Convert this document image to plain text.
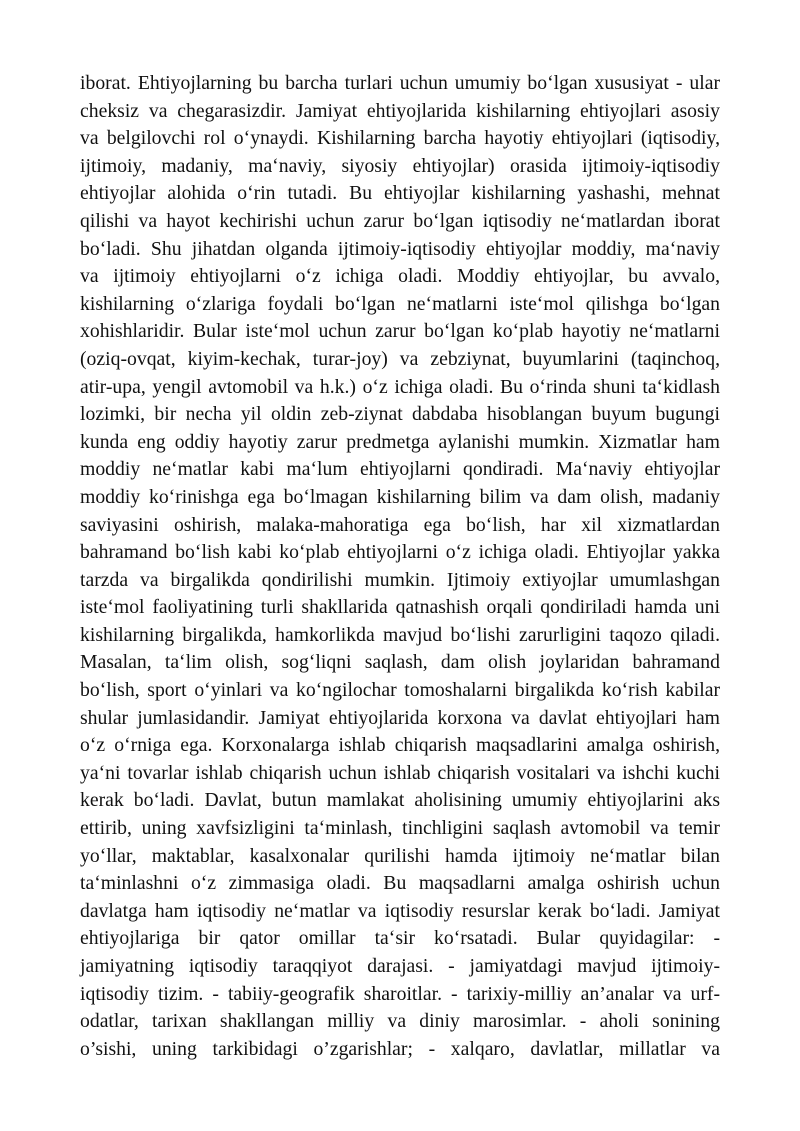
iborat. Ehtiyojlarning bu barcha turlari uchun umumiy bo‘lgan xususiyat - ular
cheksiz va chegarasizdir. Jamiyat ehtiyojlarida kishilarning ehtiyojlari asosiy
va belgilovchi rol o‘ynaydi. Kishilarning barcha hayotiy ehtiyojlari (iqtisodiy,
ijtimoiy, madaniy, ma‘naviy, siyosiy ehtiyojlar) orasida ijtimoiy-iqtisodiy
ehtiyojlar alohida o‘rin tutadi. Bu ehtiyojlar kishilarning yashashi, mehnat
qilishi va hayot kechirishi uchun zarur bo‘lgan iqtisodiy ne‘matlardan iborat
bo‘ladi. Shu jihatdan olganda ijtimoiy-iqtisodiy ehtiyojlar moddiy, ma‘naviy
va ijtimoiy ehtiyojlarni o‘z ichiga oladi. Moddiy ehtiyojlar, bu avvalo,
kishilarning o‘zlariga foydali bo‘lgan ne‘matlarni iste‘mol qilishga bo‘lgan
xohishlaridir. Bular iste‘mol uchun zarur bo‘lgan ko‘plab hayotiy ne‘matlarni
(oziq-ovqat, kiyim-kechak, turar-joy) va zebziynat, buyumlarini (taqinchoq,
atir-upa, yengil avtomobil va h.k.) o‘z ichiga oladi. Bu o‘rinda shuni ta‘kidlash
lozimki, bir necha yil oldin zeb-ziynat dabdaba hisoblangan buyum bugungi
kunda eng oddiy hayotiy zarur predmetga aylanishi mumkin. Xizmatlar ham
moddiy ne‘matlar kabi ma‘lum ehtiyojlarni qondiradi. Ma‘naviy ehtiyojlar
moddiy ko‘rinishga ega bo‘lmagan kishilarning bilim va dam olish, madaniy
saviyasini oshirish, malaka-mahoratiga ega bo‘lish, har xil xizmatlardan
bahramand bo‘lish kabi ko‘plab ehtiyojlarni o‘z ichiga oladi. Ehtiyojlar yakka
tarzda va birgalikda qondirilishi mumkin. Ijtimoiy extiyojlar umumlashgan
iste‘mol faoliyatining turli shakllarida qatnashish orqali qondiriladi hamda uni
kishilarning birgalikda, hamkorlikda mavjud bo‘lishi zarurligini taqozo qiladi.
Masalan, ta‘lim olish, sog‘liqni saqlash, dam olish joylaridan bahramand
bo‘lish, sport o‘yinlari va ko‘ngilochar tomoshalarni birgalikda ko‘rish kabilar
shular jumlasidandir. Jamiyat ehtiyojlarida korxona va davlat ehtiyojlari ham
o‘z o‘rniga ega. Korxonalarga ishlab chiqarish maqsadlarini amalga oshirish,
ya‘ni tovarlar ishlab chiqarish uchun ishlab chiqarish vositalari va ishchi kuchi
kerak bo‘ladi. Davlat, butun mamlakat aholisining umumiy ehtiyojlarini aks
ettirib, uning xavfsizligini ta‘minlash, tinchligini saqlash avtomobil va temir
yo‘llar, maktablar, kasalxonalar qurilishi hamda ijtimoiy ne‘matlar bilan
ta‘minlashni o‘z zimmasiga oladi. Bu maqsadlarni amalga oshirish uchun
davlatga ham iqtisodiy ne‘matlar va iqtisodiy resurslar kerak bo‘ladi. Jamiyat
ehtiyojlariga bir qator omillar ta‘sir ko‘rsatadi. Bular quyidagilar: -
jamiyatning iqtisodiy taraqqiyot darajasi. - jamiyatdagi mavjud ijtimoiy-
iqtisodiy tizim. - tabiiy-geografik sharoitlar. - tarixiy-milliy an’analar va urf-
odatlar, tarixan shakllangan milliy va diniy marosimlar. - aholi sonining
o’sishi, uning tarkibidagi o’zgarishlar; - xalqaro, davlatlar, millatlar va
